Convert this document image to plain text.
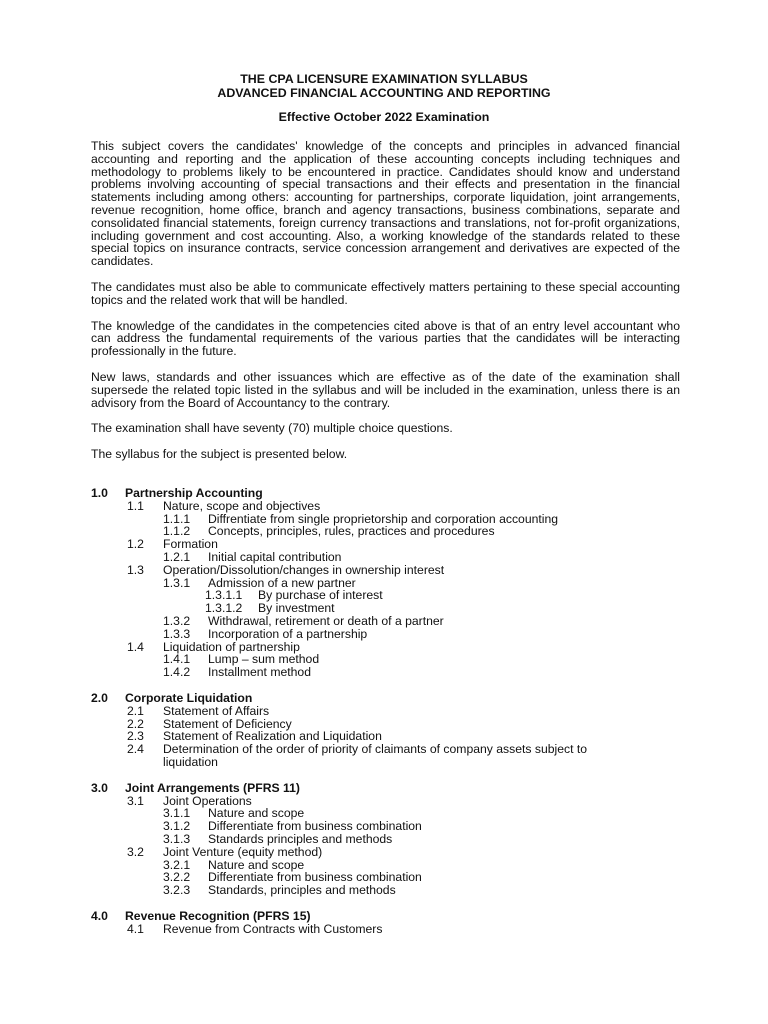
THE CPA LICENSURE EXAMINATION SYLLABUS

ADVANCED FINANCIAL ACCOUNTING AND REPORTING

Effective October 2022 Examination

This subject covers the candidates' knowledge of the concepts and principles in advanced financial accounting and reporting and the application of these accounting concepts including techniques and methodology to problems likely to be encountered in practice. Candidates should know and understand problems involving accounting of special transactions and their effects and presentation in the financial statements including among others: accounting for partnerships, corporate liquidation, joint arrangements, revenue recognition, home office, branch and agency transactions, business combinations, separate and consolidated financial statements, foreign currency transactions and translations, not for-profit organizations, including government and cost accounting. Also, a working knowledge of the standards related to these special topics on insurance contracts, service concession arrangement and derivatives are expected of the candidates.

The candidates must also be able to communicate effectively matters pertaining to these special accounting topics and the related work that will be handled.

The knowledge of the candidates in the competencies cited above is that of an entry level accountant who can address the fundamental requirements of the various parties that the candidates will be interacting professionally in the future.

New laws, standards and other issuances which are effective as of the date of the examination shall supersede the related topic listed in the syllabus and will be included in the examination, unless there is an advisory from the Board of Accountancy to the contrary.

The examination shall have seventy (70) multiple choice questions.

The syllabus for the subject is presented below.

1.0 Partnership Accounting
1.1 Nature, scope and objectives
1.1.1 Diffrentiate from single proprietorship and corporation accounting
1.1.2 Concepts, principles, rules, practices and procedures
1.2 Formation
1.2.1 Initial capital contribution
1.3 Operation/Dissolution/changes in ownership interest
1.3.1 Admission of a new partner
1.3.1.1 By purchase of interest
1.3.1.2 By investment
1.3.2 Withdrawal, retirement or death of a partner
1.3.3 Incorporation of a partnership
1.4 Liquidation of partnership
1.4.1 Lump – sum method
1.4.2 Installment method
2.0 Corporate Liquidation
2.1 Statement of Affairs
2.2 Statement of Deficiency
2.3 Statement of Realization and Liquidation
2.4 Determination of the order of priority of claimants of company assets subject to liquidation
3.0 Joint Arrangements (PFRS 11)
3.1 Joint Operations
3.1.1 Nature and scope
3.1.2 Differentiate from business combination
3.1.3 Standards principles and methods
3.2 Joint Venture (equity method)
3.2.1 Nature and scope
3.2.2 Differentiate from business combination
3.2.3 Standards, principles and methods
4.0 Revenue Recognition (PFRS 15)
4.1 Revenue from Contracts with Customers
